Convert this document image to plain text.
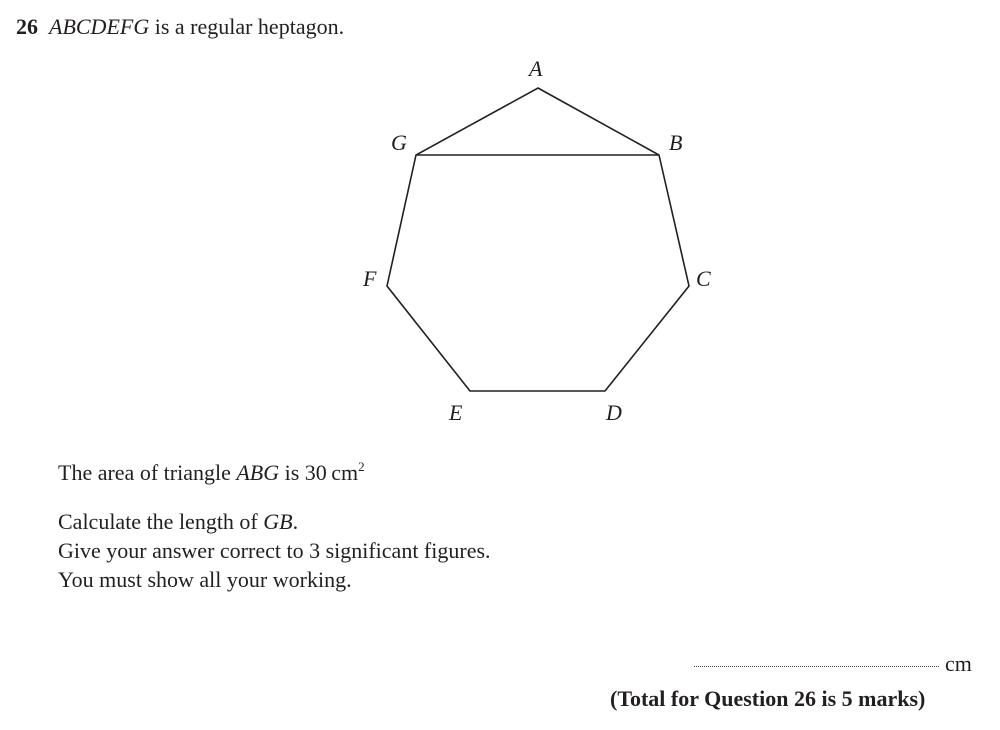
26 ABCDEFG is a regular heptagon.
A
B
C
D
E
F
G
The area of triangle ABG is 30  $cm^2$
Calculate the length of GB.
Give your answer correct to 3 significant figures.
You must show all your working.
cm
(Total for Question 26 is 5 marks)
